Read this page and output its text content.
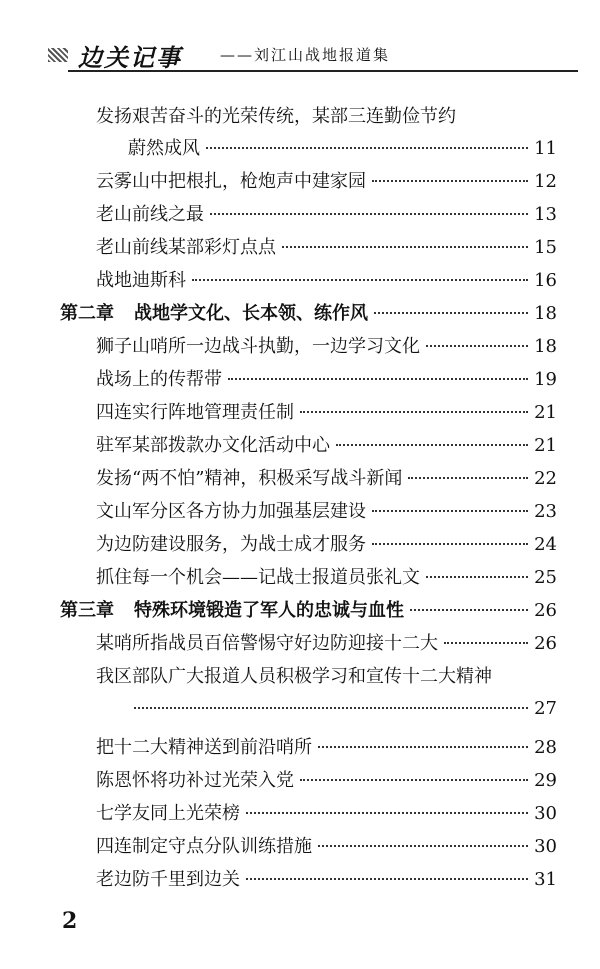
边关记事	——刘江山战地报道集
发扬艰苦奋斗的光荣传统，某部三连勤俭节约
蔚然成风	11
云雾山中把根扎，枪炮声中建家园	12
老山前线之最	13
老山前线某部彩灯点点	15
战地迪斯科	16
第二章 战地学文化、长本领、练作风	18
狮子山哨所一边战斗执勤，一边学习文化	18
战场上的传帮带	19
四连实行阵地管理责任制	21
驻军某部拨款办文化活动中心	21
发扬“两不怕”精神，积极采写战斗新闻	22
文山军分区各方协力加强基层建设	23
为边防建设服务，为战士成才服务	24
抓住每一个机会——记战士报道员张礼文	25
第三章 特殊环境锻造了军人的忠诚与血性	26
某哨所指战员百倍警惕守好边防迎接十二大	26
我区部队广大报道人员积极学习和宣传十二大精神
27
把十二大精神送到前沿哨所	28
陈恩怀将功补过光荣入党	29
七学友同上光荣榜	30
四连制定守点分队训练措施	30
老边防千里到边关	31
2
